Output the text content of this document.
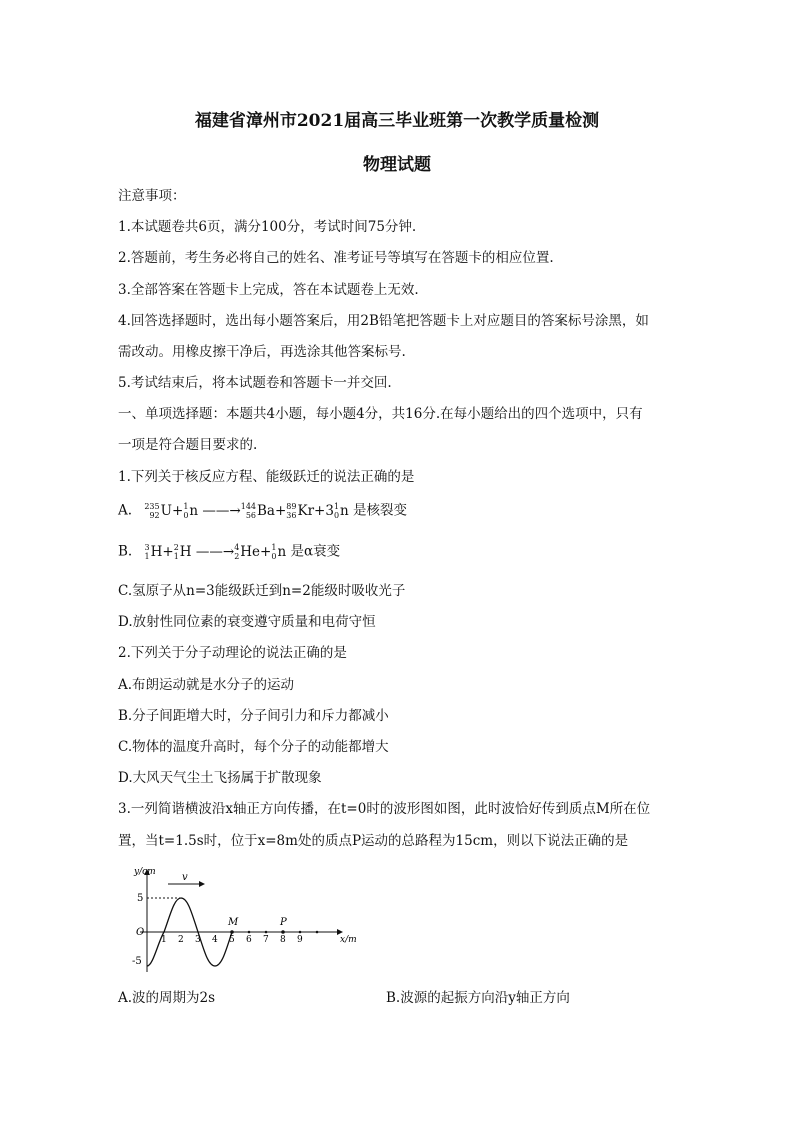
福建省漳州市2021届高三毕业班第一次教学质量检测
物理试题
注意事项：
1.本试题卷共6页，满分100分，考试时间75分钟.
2.答题前，考生务必将自己的姓名、准考证号等填写在答题卡的相应位置.
3.全部答案在答题卡上完成，答在本试题卷上无效.
4.回答选择题时，选出每小题答案后，用2B铅笔把答题卡上对应题目的答案标号涂黑，如
需改动。用橡皮擦干净后，再选涂其他答案标号.
5.考试结束后，将本试题卷和答题卡一并交回.
一、单项选择题：本题共4小题，每小题4分，共16分.在每小题给出的四个选项中，只有
一项是符合题目要求的.
1.下列关于核反应方程、能级跃迁的说法正确的是
A. 235
92 U+ 1
0 n ——→ 144
56 Ba+ 89
36 Kr+3 1
0 n 是核裂变
B. 3
1 H+ 2
1 H ——→ 4
2 He+ 1
0 n 是α衰变
C.氢原子从n=3能级跃迁到n=2能级时吸收光子
D.放射性同位素的衰变遵守质量和电荷守恒
2.下列关于分子动理论的说法正确的是
A.布朗运动就是水分子的运动
B.分子间距增大时，分子间引力和斥力都减小
C.物体的温度升高时，每个分子的动能都增大
D.大风天气尘土飞扬属于扩散现象
3.一列简谐横波沿x轴正方向传播，在t=0时的波形图如图，此时波恰好传到质点M所在位
置，当t=1.5s时，位于x=8m处的质点P运动的总路程为15cm，则以下说法正确的是
y/cm
x/m
O
5
-5
v
1 2 3 4 5 6 7 8 9
M	P
A.波的周期为2s	B.波源的起振方向沿y轴正方向
